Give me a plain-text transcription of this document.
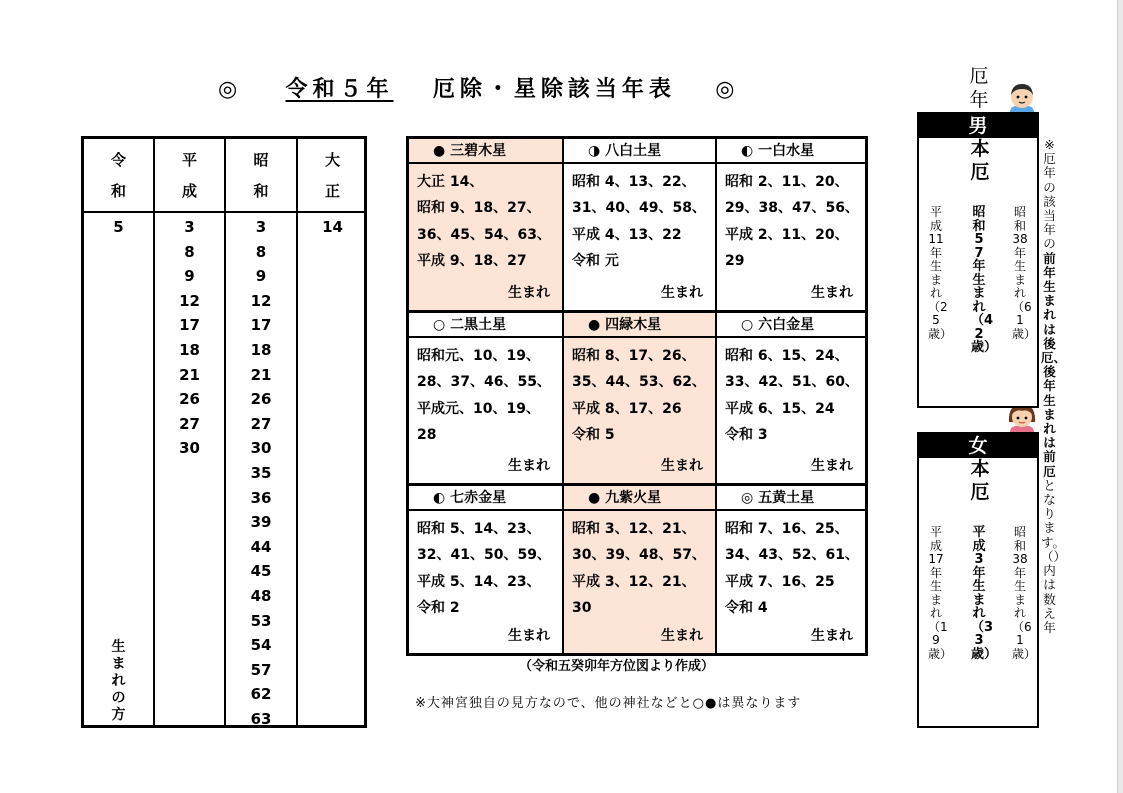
◎ 令和５年 厄除・星除該当年表 ◎
令
和
5
生
ま
れ
の
方
平
成
3
8
9
12
17
18
21
26
27
30
昭
和
3
8
9
12
17
18
21
26
27
30
35
36
39
44
45
48
53
54
57
62
63
大
正
14
● 三碧木星
大正 14、
昭和 9、18、27、
36、45、54、63、
平成 9、18、27
生まれ
◑ 八白土星
昭和 4、13、22、
31、40、49、58、
平成 4、13、22
令和 元
生まれ
◐ 一白水星
昭和 2、11、20、
29、38、47、56、
平成 2、11、20、
29
生まれ
○ 二黒土星
昭和元、10、19、
28、37、46、55、
平成元、10、19、
28
生まれ
● 四緑木星
昭和 8、17、26、
35、44、53、62、
平成 8、17、26
令和 5
生まれ
○ 六白金星
昭和 6、15、24、
33、42、51、60、
平成 6、15、24
令和 3
生まれ
◐ 七赤金星
昭和 5、14、23、
32、41、50、59、
平成 5、14、23、
令和 2
生まれ
● 九紫火星
昭和 3、12、21、
30、39、48、57、
平成 3、12、21、
30
生まれ
◎ 五黄土星
昭和 7、16、25、
34、43、52、61、
平成 7、16、25
令和 4
生まれ
（令和五癸卯年方位図より作成）
※大神宮独自の見方なので、他の神社などと○●は異なります
厄年
男
本厄
平成11年生まれ（25歳）
昭和57年生まれ（42歳）
昭和38年生まれ（61歳）
女
本厄
平成17年生まれ（19歳）
平成3年生まれ（33歳）
昭和38年生まれ（61歳）
※厄年の該当年の前年生まれは後厄、後年生まれは前厄となります。（）内は数え年
